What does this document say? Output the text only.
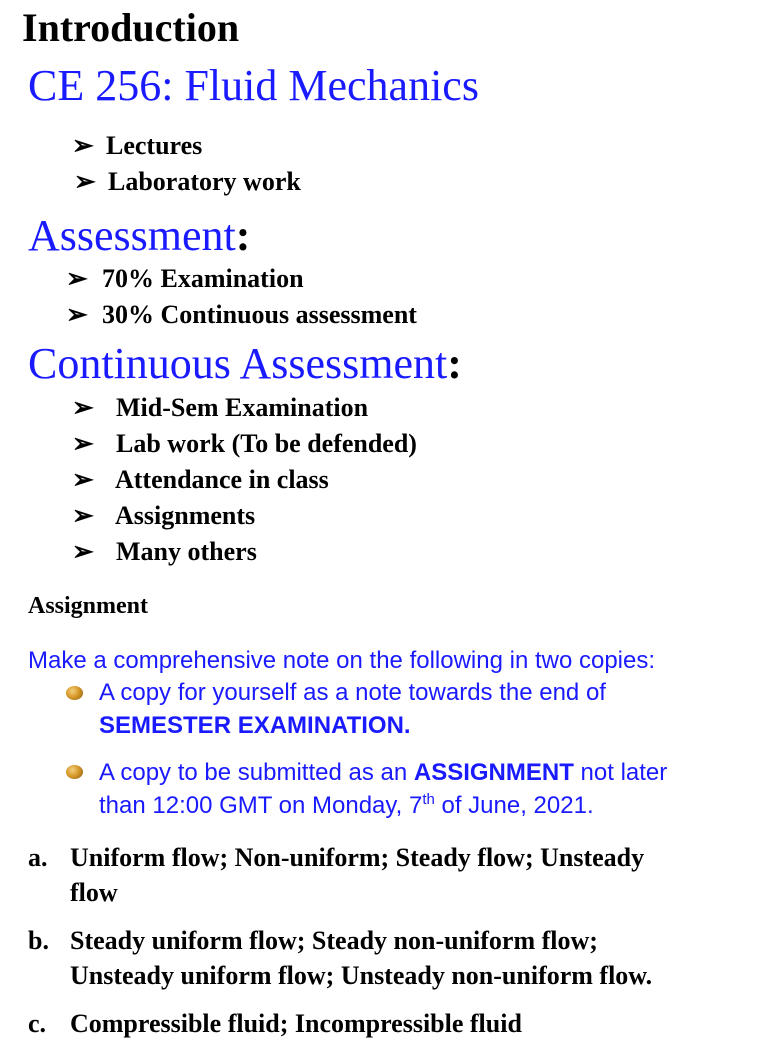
Introduction
CE 256: Fluid Mechanics
➢ Lectures
➢ Laboratory work
Assessment:
➢ 70% Examination
➢ 30% Continuous assessment
Continuous Assessment:
➢ Mid-Sem Examination
➢ Lab work (To be defended)
➢ Attendance in class
➢ Assignments
➢ Many others
Assignment
Make a comprehensive note on the following in two copies:
A copy for yourself as a note towards the end of
SEMESTER EXAMINATION.
A copy to be submitted as an ASSIGNMENT not later
than 12:00 GMT on Monday, 7th of June, 2021.
a. Uniform flow; Non-uniform; Steady flow; Unsteady
flow
b. Steady uniform flow; Steady non-uniform flow;
Unsteady uniform flow; Unsteady non-uniform flow.
c. Compressible fluid; Incompressible fluid
